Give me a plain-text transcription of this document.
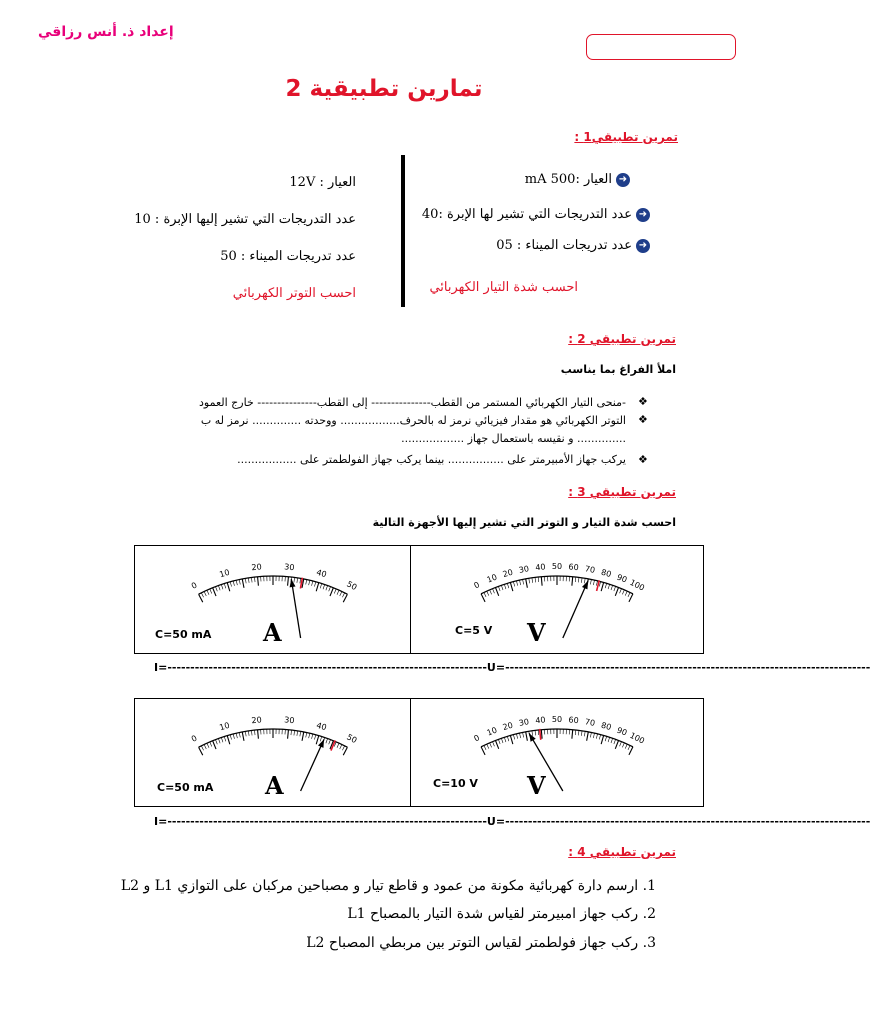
إعداد ذ. أنس رزاقي
تمارين تطبيقية 2
تمرين تطبيقي1 :
➜العيار :500 mA
➜عدد التدريجات التي تشير لها الإبرة :40
➜عدد تدريجات الميناء : 05
احسب شدة التيار الكهربائي
العيار : 12V
عدد التدريجات التي تشير إليها الإبرة : 10
عدد تدريجات الميناء : 50
احسب التوتر الكهربائي
تمرين تطبيقي 2 :
املأ الفراغ بما يناسب
❖
-منحى التيار الكهربائي المستمر من القطب--------------- إلى القطب--------------- خارج العمود
❖
التوتر الكهربائي هو مقدار فيزيائي نرمز له بالحرف................. ووحدته .............. نرمز له ب
.............. و نقيسه باستعمال جهاز ..................
❖
يركب جهاز الأمبيرمتر على ................ بينما يركب جهاز الفولطمتر على .................
تمرين تطبيقي 3 :
احسب شدة التيار و التوتر التي تشير إليها الأجهزة التالية
0
10
20	30
40
50
C=50 mA A
0
10 20 30 40 50 60 70 80 90 100
C=5 V V
I=----------------------------------------------------------------------U=--------------------------------------------------------------------------------
0
10
20	30
40
50
C=50 mA A
0
10 20 30 40 50 60 70 80 90 100
C=10 V V
I=----------------------------------------------------------------------U=--------------------------------------------------------------------------------
تمرين تطبيقي 4 :
1. ارسم دارة كهربائية مكونة من عمود و قاطع تيار و مصباحين مركبان على التوازي L1 و L2
2. ركب جهاز امبيرمتر لقياس شدة التيار بالمصباح L1
3. ركب جهاز فولطمتر لقياس التوتر بين مربطي المصباح L2
